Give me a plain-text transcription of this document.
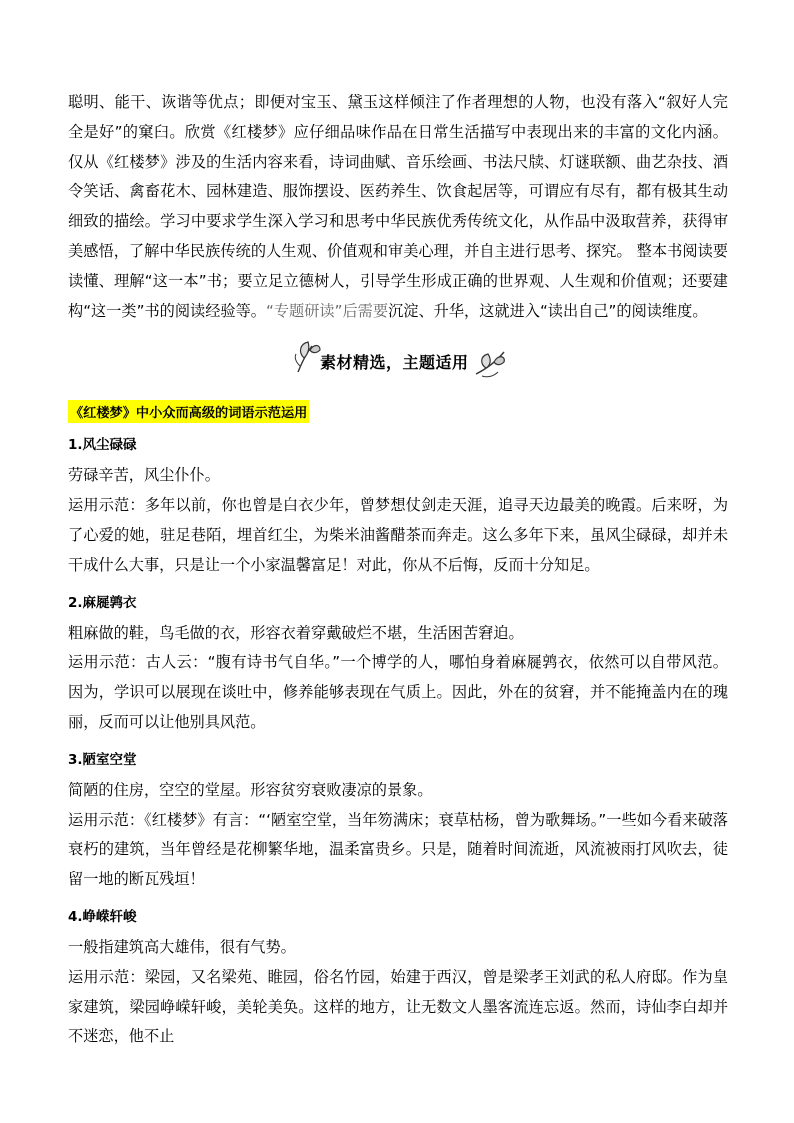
聪明、能干、诙谐等优点；即便对宝玉、黛玉这样倾注了作者理想的人物，也没有落入“叙好人完全是好”的窠臼。欣赏《红楼梦》应仔细品味作品在日常生活描写中表现出来的丰富的文化内涵。仅从《红楼梦》涉及的生活内容来看，诗词曲赋、音乐绘画、书法尺牍、灯谜联额、曲艺杂技、酒令笑话、禽畜花木、园林建造、服饰摆设、医药养生、饮食起居等，可谓应有尽有，都有极其生动细致的描绘。学习中要求学生深入学习和思考中华民族优秀传统文化，从作品中汲取营养，获得审美感悟，了解中华民族传统的人生观、价值观和审美心理，并自主进行思考、探究。 整本书阅读要读懂、理解“这一本”书；要立足立德树人，引导学生形成正确的世界观、人生观和价值观；还要建构“这一类”书的阅读经验等。“专题研读”后需要沉淀、升华，这就进入“读出自己”的阅读维度。

素材精选，主题适用
《红楼梦》中小众而高级的词语示范运用
1.风尘碌碌

劳碌辛苦，风尘仆仆。

运用示范：多年以前，你也曾是白衣少年，曾梦想仗剑走天涯，追寻天边最美的晚霞。后来呀，为了心爱的她，驻足巷陌，埋首红尘，为柴米油酱醋茶而奔走。这么多年下来，虽风尘碌碌，却并未干成什么大事，只是让一个小家温馨富足！对此，你从不后悔，反而十分知足。

2.麻屣鹑衣

粗麻做的鞋，鸟毛做的衣，形容衣着穿戴破烂不堪，生活困苦窘迫。

运用示范：古人云：“腹有诗书气自华。”一个博学的人，哪怕身着麻屣鹑衣，依然可以自带风范。因为，学识可以展现在谈吐中，修养能够表现在气质上。因此，外在的贫窘，并不能掩盖内在的瑰丽，反而可以让他别具风范。

3.陋室空堂

简陋的住房，空空的堂屋。形容贫穷衰败凄凉的景象。

运用示范：《红楼梦》有言：“‘陋室空堂，当年笏满床；衰草枯杨，曾为歌舞场。”一些如今看来破落衰朽的建筑，当年曾经是花柳繁华地，温柔富贵乡。只是，随着时间流逝，风流被雨打风吹去，徒留一地的断瓦残垣！

4.峥嵘轩峻

一般指建筑高大雄伟，很有气势。

运用示范：梁园，又名梁苑、睢园，俗名竹园，始建于西汉，曾是梁孝王刘武的私人府邸。作为皇家建筑，梁园峥嵘轩峻，美轮美奂。这样的地方，让无数文人墨客流连忘返。然而，诗仙李白却并不迷恋，他不止
